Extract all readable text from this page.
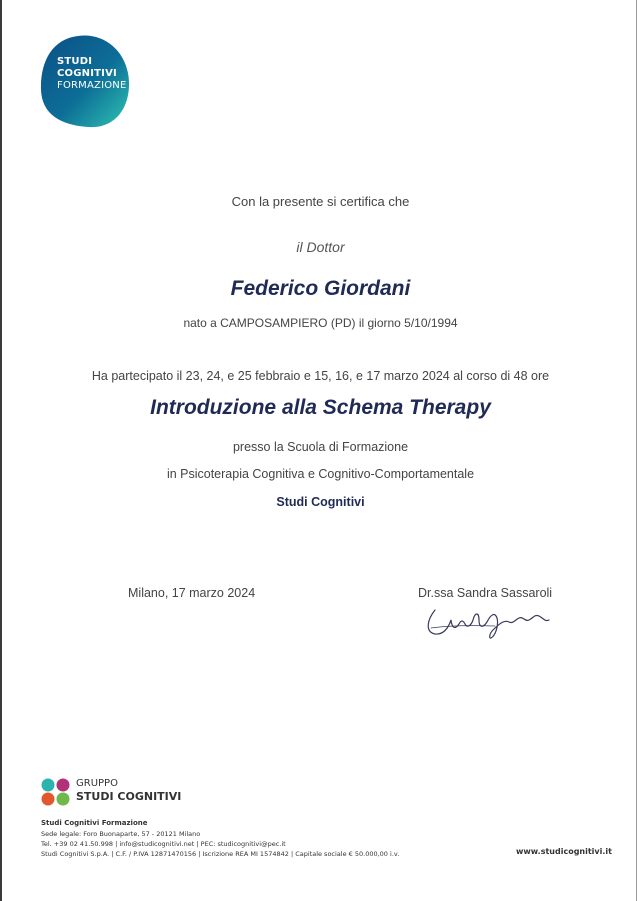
STUDI
COGNITIVI
FORMAZIONE
Con la presente si certifica che
il Dottor
Federico Giordani
nato a CAMPOSAMPIERO (PD) il giorno 5/10/1994
Ha partecipato il 23, 24, e 25 febbraio e 15, 16, e 17 marzo 2024 al corso di 48 ore
Introduzione alla Schema Therapy
presso la Scuola di Formazione
in Psicoterapia Cognitiva e Cognitivo-Comportamentale
Studi Cognitivi
Milano, 17 marzo 2024	Dr.ssa Sandra Sassaroli
GRUPPO
STUDI COGNITIVI
Studi Cognitivi Formazione
Sede legale: Foro Buonaparte, 57 - 20121 Milano
Tel. +39 02 41.50.998 | info@studicognitivi.net | PEC: studicognitivi@pec.it
Studi Cognitivi S.p.A. | C.F. / P.IVA 12871470156 | Iscrizione REA MI 1574842 | Capitale sociale € 50.000,00 i.v.	www.studicognitivi.it
